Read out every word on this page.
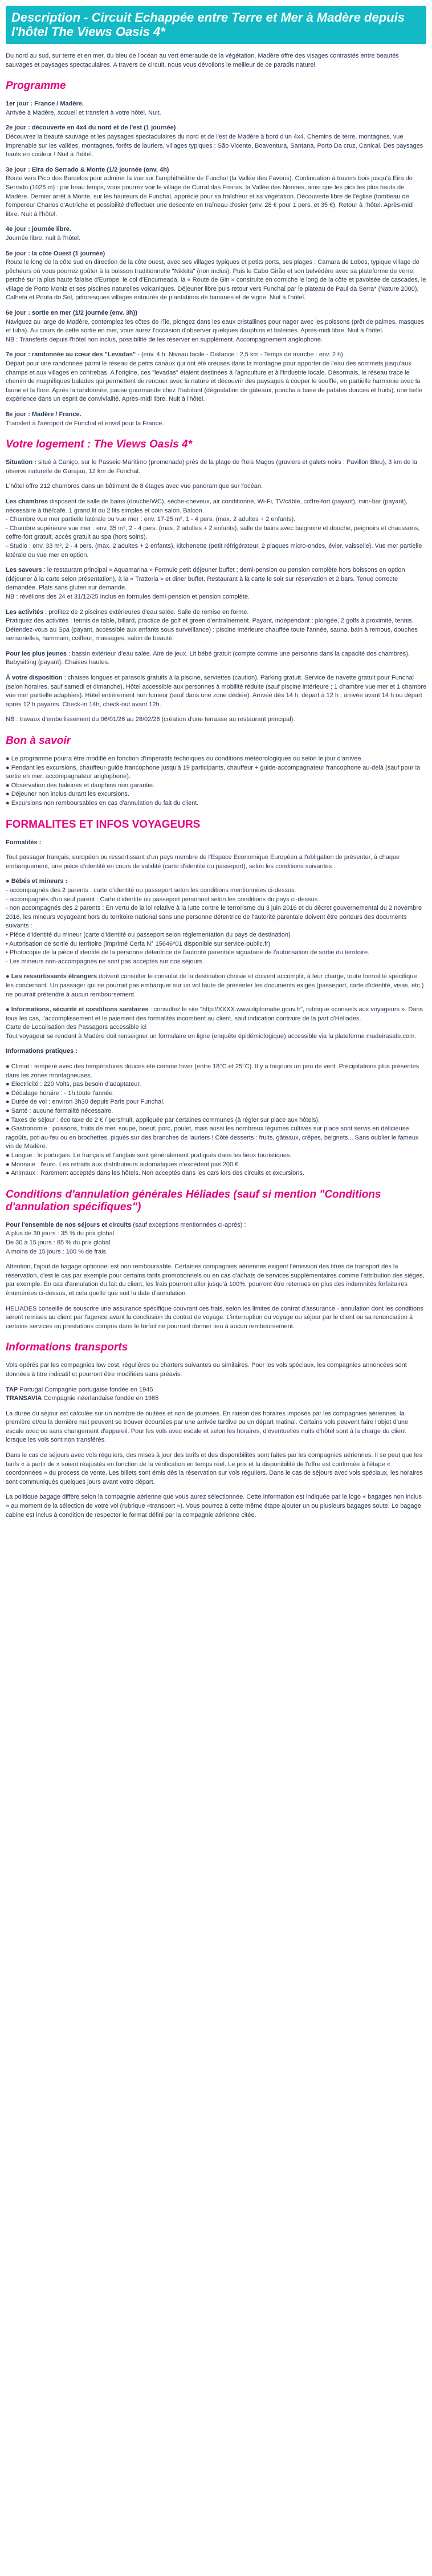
Description - Circuit Echappée entre Terre et Mer à Madère depuis l'hôtel The Views Oasis 4*

Du nord au sud, sur terre et en mer, du bleu de l'océan au vert émeraude de la végétation, Madère offre des visages contrastés entre beautés sauvages et paysages spectaculaires. A travers ce circuit, nous vous dévoilons le meilleur de ce paradis naturel.

Programme

1er jour : France / Madère.
Arrivée à Madère, accueil et transfert à votre hôtel. Nuit.

2e jour : découverte en 4x4 du nord et de l'est (1 journée)
Découvrez la beauté sauvage et les paysages spectaculaires du nord et de l'est de Madère à bord d'un 4x4. Chemins de terre, montagnes, vue imprenable sur les vallées, montagnes, forêts de lauriers, villages typiques : São Vicente, Boaventura, Santana, Porto Da cruz, Canical. Des paysages hauts en couleur ! Nuit à l'hôtel.

3e jour : Eira do Serrado & Monte (1/2 journée (env. 4h)
Route vers Pico dos Barcelos pour admirer la vue sur l'amphithéâtre de Funchal (la Vallée des Favoris). Continuation à travers bois jusqu'à Eira do Serrado (1026 m) : par beau temps, vous pourrez voir le village de Curral das Freiras, la Vallée des Nonnes, ainsi que les pics les plus hauts de Madère. Dernier arrêt à Monte, sur les hauteurs de Funchal, apprécié pour sa fraîcheur et sa végétation. Découverte libre de l'église (tombeau de l'empereur Charles d'Autriche et possibilité d'effectuer une descente en traîneau d'osier (env. 28 € pour 1 pers. et 35 €). Retour à l'hôtel. Après-midi libre. Nuit à l'hôtel.

4e jour : journée libre.
Journée libre, nuit à l'hôtel.

5e jour : la côte Ouest (1 journée)
Route le long de la côte sud en direction de la côte ouest, avec ses villages typiques et petits ports, ses plages : Camara de Lobos, typique village de pêcheurs où vous pourrez goûter à la boisson traditionnelle "Nikkita" (non inclus). Puis le Cabo Girão et son belvédère avec sa plateforme de verre, perché sur la plus haute falaise d'Europe, le col d'Encumeada, la « Route de Gin » construite en corniche le long de la côte et pavoisée de cascades, le village de Porto Moniz et ses piscines naturelles volcaniques. Déjeuner libre puis retour vers Funchal par le plateau de Paul da Serra* (Nature 2000), Calheta et Ponta do Sol, pittoresques villages entourés de plantations de bananes et de vigne. Nuit à l'hôtel.

6e jour : sortie en mer (1/2 journée (env. 3h))
Naviguez au large de Madère, contemplez les côtes de l'île, plongez dans les eaux cristallines pour nager avec les poissons (prêt de palmes, masques et tuba). Au cours de cette sortie en mer, vous aurez l'occasion d'observer quelques dauphins et baleines. Après-midi libre. Nuit à l'hôtel.
NB : Transferts depuis l'hôtel non inclus, possibilité de les réserver en supplément. Accompagnement anglophone.

7e jour : randonnée au cœur des "Levadas" - (env. 4 h. Niveau facile - Distance : 2,5 km - Temps de marche : env. 2 h)
Départ pour une randonnée parmi le réseau de petits canaux qui ont été creusés dans la montagne pour apporter de l'eau des sommets jusqu'aux champs et aux villages en contrebas. A l'origine, ces "levadas" étaient destinées à l'agriculture et à l'industrie locale. Désormais, le réseau trace le chemin de magnifiques balades qui permettent de renouer avec la nature et découvrir des paysages à couper le souffle, en partielle harmonie avec la faune et la flore. Après la randonnée, pause gourmande chez l'habitant (dégustation de gâteaux, poncha à base de patates douces et fruits), une belle expérience dans un esprit de convivialité. Après-midi libre. Nuit à l'hôtel.

8e jour : Madère / France.
Transfert à l'aéroport de Funchal et envol pour la France.

Votre logement : The Views Oasis 4*

Situation : situé à Caniço, sur le Passeio Marítimo (promenade) près de la plage de Reis Magos (graviers et galets noirs ; Pavillon Bleu), 3 km de la réserve naturelle de Garajau, 12 km de Funchal.

L'hôtel offre 212 chambres dans un bâtiment de 8 étages avec vue panoramique sur l'océan.

Les chambres disposent de salle de bains (douche/WC), sèche-cheveux, air conditionné, Wi-Fi, TV/câble, coffre-fort (payant), mini-bar (payant), nécessaire à thé/café. 1 grand lit ou 2 lits simples et coin salon. Balcon.
- Chambre vue mer partielle latérale ou vue mer : env. 17-25 m², 1 - 4 pers. (max. 2 adultes + 2 enfants).
- Chambre supérieure vue mer : env. 35 m², 2 - 4 pers. (max. 2 adultes + 2 enfants), salle de bains avec baignoire et douche, peignoirs et chaussons, coffre-fort gratuit, accès gratuit au spa (hors soins).
- Studio : env. 33 m², 2 - 4 pers. (max. 2 adultes + 2 enfants), kitchenette (petit réfrigérateur, 2 plaques micro-ondes, évier, vaisselle). Vue mer partielle latérale ou vue mer en option.

Les saveurs : le restaurant principal « Aquamarina » Formule petit déjeuner buffet ; demi-pension ou pension complète hors boissons en option (déjeuner à la carte selon présentation), à la « Trattoria » et diner buffet. Restaurant à la carte le soir sur réservation et 2 bars. Tenue correcte demandée. Plats sans gluten sur demande.
NB : révélions des 24 et 31/12/25 inclus en formules demi-pension et pension complète.

Les activités : profitez de 2 piscines extérieures d'eau salée. Salle de remise en forme.
Pratiquez des activités : tennis de table, billard, practice de golf et green d'entraînement. Payant, indépendant : plongée, 2 golfs à proximité, tennis.
Détendez-vous au Spa (payant, accessible aux enfants sous surveillance) : piscine intérieure chauffée toute l'année, sauna, bain à remous, douches sensorielles, hammam, coiffeur, massages, salon de beauté.

Pour les plus jeunes : bassin extérieur d'eau salée. Aire de jeux. Lit bébé gratuit (compte comme une personne dans la capacité des chambres). Babysitting (payant). Chaises hautes.

À votre disposition : chaises longues et parasols gratuits à la piscine, serviettes (caution). Parking gratuit. Service de navette gratuit pour Funchal (selon horaires, sauf samedi et dimanche). Hôtel accessible aux personnes à mobilité réduite (sauf piscine intérieure ; 1 chambre vue mer et 1 chambre vue mer partielle adaptées). Hôtel entièrement non fumeur (sauf dans une zone dédiée). Arrivée dès 14 h, départ à 12 h ; arrivée avant 14 h ou départ après 12 h payants. Check-in 14h, check-out avant 12h.

NB : travaux d'embellissement du 06/01/26 au 28/02/26 (création d'une terrasse au restaurant principal).

Bon à savoir

● Le programme pourra être modifié en fonction d'impératifs techniques ou conditions météorologiques ou selon le jour d'arrivée.
● Pendant les excursions, chauffeur-guide francophone jusqu'à 19 participants, chauffeur + guide-accompagnateur francophone au-delà (sauf pour la sortie en mer, accompagnateur anglophone).
● Observation des baleines et dauphins non garantie.
● Déjeuner non inclus durant les excursions.
● Excursions non remboursables en cas d'annulation du fait du client.

FORMALITES ET INFOS VOYAGEURS

Formalités :

Tout passager français, européen ou ressortissant d'un pays membre de l'Espace Economique Européen a l'obligation de présenter, à chaque embarquement, une pièce d'identité en cours de validité (carte d'identité ou passeport), selon les conditions suivantes :

● Bébés et mineurs :
- accompagnés des 2 parents : carte d'identité ou passeport selon les conditions mentionnées ci-dessus.
- accompagnés d'un seul parent : Carte d'identité ou passeport personnel selon les conditions du pays ci-dessus.
- non accompagnés des 2 parents : En vertu de la loi relative à la lutte contre le terrorisme du 3 juin 2016 et du décret gouvernemental du 2 novembre 2016, les mineurs voyageant hors du territoire national sans une personne détentrice de l'autorité parentale doivent être porteurs des documents suivants :
• Pièce d'identité du mineur (carte d'identité ou passeport selon réglementation du pays de destination)
• Autorisation de sortie du territoire (imprimé Cerfa N° 15646*01 disponible sur service-public.fr)
• Photocopie de la pièce d'identité de la personne détentrice de l'autorité parentale signataire de l'autorisation de sortie du territoire.
- Les mineurs non-accompagnés ne sont pas acceptés sur nos séjours.

● Les ressortissants étrangers doivent consulter le consulat de la destination choisie et doivent accomplir, à leur charge, toute formalité spécifique les concernant. Un passager qui ne pourrait pas embarquer sur un vol faute de présenter les documents exigés (passeport, carte d'identité, visas, etc.) ne pourrait prétendre à aucun remboursement.

● Informations, sécurité et conditions sanitaires : consultez le site "http://XXXX.www.diplomatie.gouv.fr", rubrique «conseils aux voyageurs ». Dans tous les cas, l'accomplissement et le paiement des formalités incombent au client, sauf indication contraire de la part d'Héliades.
Carte de Localisation des Passagers accessible ici
Tout voyageur se rendant à Madère doit renseigner un formulaire en ligne (enquête épidémiologique) accessible via la plateforme madeirasafe.com.

Informations pratiques :

● Climat : tempéré avec des températures douces été comme hiver (entre 18°C et 25°C). Il y a toujours un peu de vent. Précipitations plus présentes dans les zones montagneuses.
● Electricité : 220 Volts, pas besoin d'adaptateur.
● Décalage horaire : - 1h toute l'année.
● Durée de vol : environ 3h30 depuis Paris pour Funchal.
● Santé : aucune formalité nécessaire.
● Taxes de séjour : éco taxe de 2 € / pers/nuit, appliquée par certaines communes (à régler sur place aux hôtels).
● Gastronomie : poissons, fruits de mer, soupe, boeuf, porc, poulet, mais aussi les nombreux légumes cultivés sur place sont servis en délicieuse ragoûts, pot-au-feu ou en brochettes, piqués sur des branches de lauriers ! Côté desserts : fruits, gâteaux, crêpes, beignets... Sans oublier le fameux vin de Madère.
● Langue : le portugais. Le français et l'anglais sont généralement pratiqués dans les lieux touristiques.
● Monnaie : l'euro. Les retraits aux distributeurs automatiques n'excèdent pas 200 €.
● Animaux : Rarement acceptés dans les hôtels. Non acceptés dans les cars lors des circuits et excursions.

Conditions d'annulation générales Héliades (sauf si mention "Conditions d'annulation spécifiques")

Pour l'ensemble de nos séjours et circuits (sauf exceptions mentionnées ci-après) :
A plus de 30 jours : 35 % du prix global
De 30 à 15 jours : 85 % du prix global
A moins de 15 jours : 100 % de frais

Attention, l'ajout de bagage optionnel est non remboursable. Certaines compagnies aériennes exigent l'émission des titres de transport dès la réservation, c'est le cas par exemple pour certains tarifs promotionnels ou en cas d'achats de services supplémentaires comme l'attribution des sièges, par exemple. En cas d'annulation du fait du client, les frais pourront aller jusqu'à 100%, pourront être retenues en plus des indemnités forfaitaires énumérées ci-dessus, et cela quelle que soit la date d'annulation.

HELIADES conseille de souscrire une assurance spécifique couvrant ces frais, selon les limites de contrat d'assurance - annulation dont les conditions seront remises au client par l'agence avant la conclusion du contrat de voyage. L'interruption du voyage ou séjour par le client ou sa renonciation à certains services ou prestations compris dans le forfait ne pourront donner lieu à aucun remboursement.

Informations transports

Vols opérés par les compagnies low cost, régulières ou charters suivantes ou similaires. Pour les vols spéciaux, les compagnies annoncées sont données à titre indicatif et pourront être modifiées sans préavis.

TAP Portugal Compagnie portugaise fondée en 1945
TRANSAVIA Compagnie néerlandaise fondée en 1965

La durée du séjour est calculée sur un nombre de nuitées et non de journées. En raison des horaires imposés par les compagnies aériennes, la première et/ou la dernière nuit peuvent se trouver écourtées par une arrivée tardive ou un départ matinal. Certains vols peuvent faire l'objet d'une escale avec ou sans changement d'appareil. Pour les vols avec escale et selon les horaires, d'éventuelles nuits d'hôtel sont à la charge du client lorsque les vols sont non transférés.

Dans le cas de séjours avec vols réguliers, des mises à jour des tarifs et des disponibilités sont faites par les compagnies aériennes. Il se peut que les tarifs « à partir de » soient réajustés en fonction de la vérification en temps réel. Le prix et la disponibilité de l'offre est confirmée à l'étape « coordonnées » du process de vente. Les billets sont émis dès la réservation sur vols réguliers. Dans le cas de séjours avec vols spéciaux, les horaires sont communiqués quelques jours avant votre départ.

La politique bagage diffère selon la compagnie aérienne que vous aurez sélectionnée. Cette information est indiquée par le logo « bagages non inclus » au moment de la sélection de votre vol (rubrique «transport »). Vous pourrez à cette même étape ajouter un ou plusieurs bagages soute. Le bagage cabine est inclus à condition de respecter le format défini par la compagnie aérienne citée.
